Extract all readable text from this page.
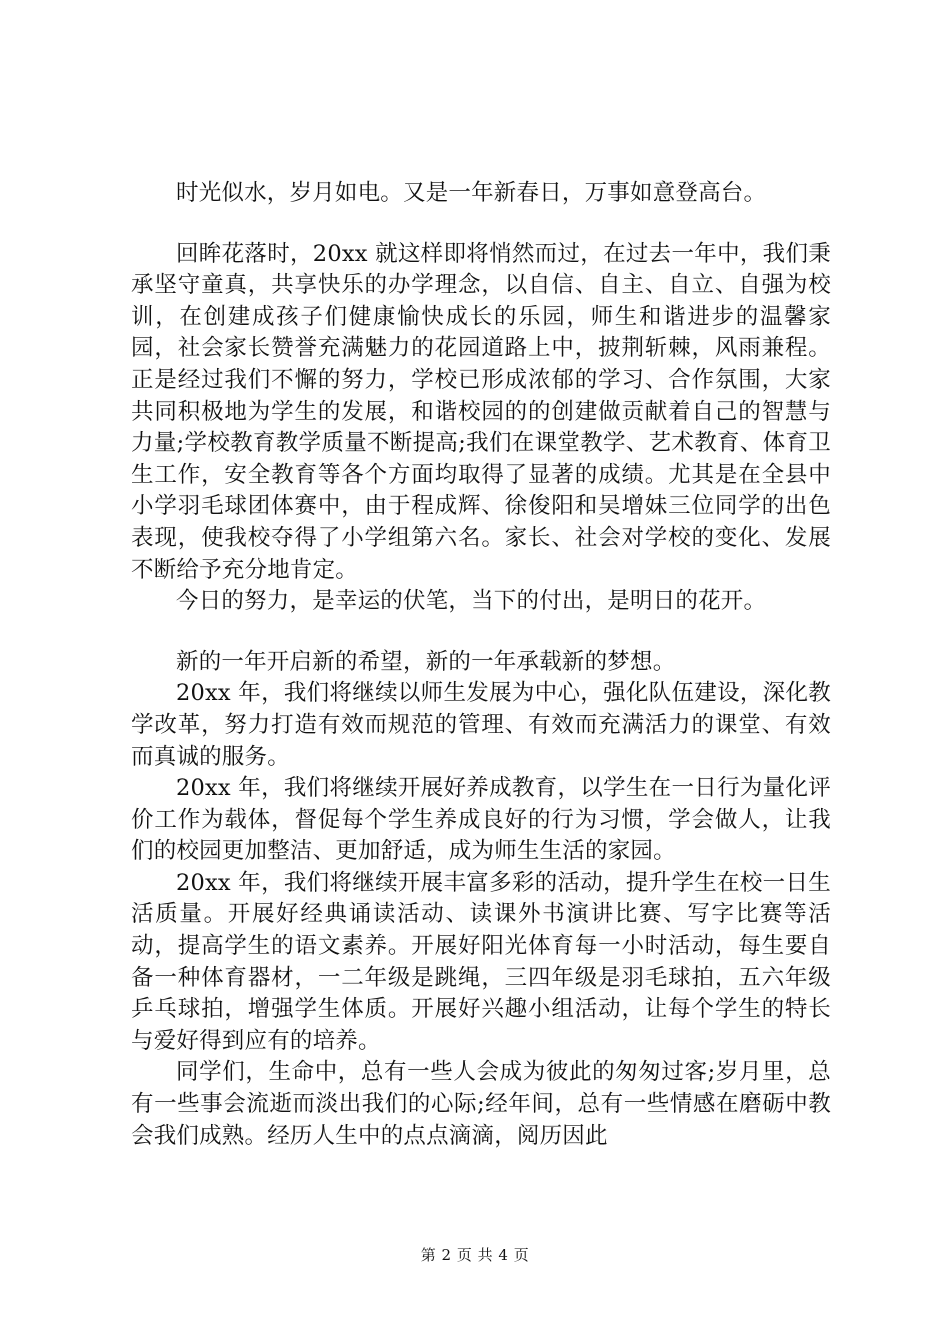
时光似水，岁月如电。又是一年新春日，万事如意登高台。

回眸花落时，20xx 就这样即将悄然而过，在过去一年中，我们秉承坚守童真，共享快乐的办学理念，以自信、自主、自立、自强为校训，在创建成孩子们健康愉快成长的乐园，师生和谐进步的温馨家园，社会家长赞誉充满魅力的花园道路上中，披荆斩棘，风雨兼程。正是经过我们不懈的努力，学校已形成浓郁的学习、合作氛围，大家共同积极地为学生的发展，和谐校园的的创建做贡献着自己的智慧与力量;学校教育教学质量不断提高;我们在课堂教学、艺术教育、体育卫生工作，安全教育等各个方面均取得了显著的成绩。尤其是在全县中小学羽毛球团体赛中，由于程成辉、徐俊阳和吴增妹三位同学的出色表现，使我校夺得了小学组第六名。家长、社会对学校的变化、发展不断给予充分地肯定。

今日的努力，是幸运的伏笔，当下的付出，是明日的花开。

新的一年开启新的希望，新的一年承载新的梦想。

20xx 年，我们将继续以师生发展为中心，强化队伍建设，深化教学改革，努力打造有效而规范的管理、有效而充满活力的课堂、有效而真诚的服务。

20xx 年，我们将继续开展好养成教育，以学生在一日行为量化评价工作为载体，督促每个学生养成良好的行为习惯，学会做人，让我们的校园更加整洁、更加舒适，成为师生生活的家园。

20xx 年，我们将继续开展丰富多彩的活动，提升学生在校一日生活质量。开展好经典诵读活动、读课外书演讲比赛、写字比赛等活动，提高学生的语文素养。开展好阳光体育每一小时活动，每生要自备一种体育器材，一二年级是跳绳，三四年级是羽毛球拍，五六年级乒乓球拍，增强学生体质。开展好兴趣小组活动，让每个学生的特长与爱好得到应有的培养。

同学们，生命中，总有一些人会成为彼此的匆匆过客;岁月里，总有一些事会流逝而淡出我们的心际;经年间，总有一些情感在磨砺中教会我们成熟。经历人生中的点点滴滴，阅历因此

第 2 页 共 4 页
